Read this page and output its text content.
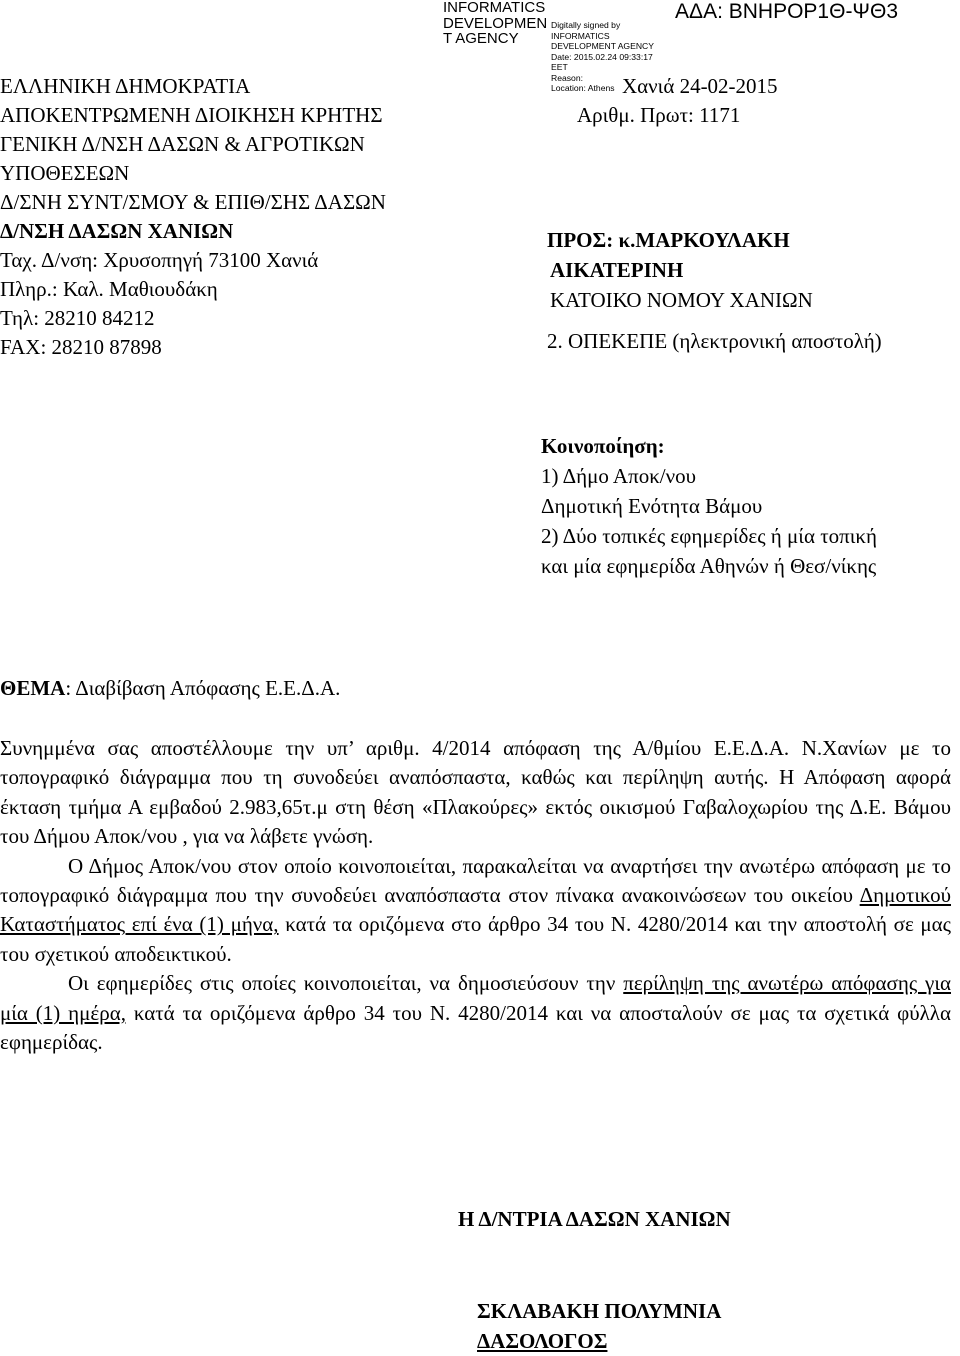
INFORMATICS
DEVELOPMEN
T AGENCY
Digitally signed by
INFORMATICS
DEVELOPMENT AGENCY
Date: 2015.02.24 09:33:17
EET
Reason:
Location: Athens
ΑΔΑ: ΒΝΗΡΟΡ1Θ-ΨΘ3
ΕΛΛΗΝΙΚΗ ΔΗΜΟΚΡΑΤΙΑ
ΑΠΟΚΕΝΤΡΩΜΕΝΗ ΔΙΟΙΚΗΣΗ ΚΡΗΤΗΣ
ΓΕΝΙΚΗ Δ/ΝΣΗ ΔΑΣΩΝ & ΑΓΡΟΤΙΚΩΝ
ΥΠΟΘΕΣΕΩΝ
Δ/ΣΝΗ ΣΥΝΤ/ΣΜΟΥ & ΕΠΙΘ/ΣΗΣ ΔΑΣΩΝ
Δ/ΝΣΗ ΔΑΣΩΝ ΧΑΝΙΩΝ
Ταχ. Δ/νση: Χρυσοπηγή 73100 Χανιά
Πληρ.: Καλ. Μαθιουδάκη
Τηλ: 28210 84212
FAX: 28210 87898
Χανιά 24-02-2015
Αριθμ. Πρωτ: 1171
ΠΡΟΣ: κ.ΜΑΡΚΟΥΛΑΚΗ
ΑΙΚΑΤΕΡΙΝΗ
ΚΑΤΟΙΚΟ ΝΟΜΟΥ ΧΑΝΙΩΝ
2. ΟΠΕΚΕΠΕ (ηλεκτρονική αποστολή)
Κοινοποίηση:
1) Δήμο Αποκ/νου
Δημοτική Ενότητα Βάμου
2) Δύο τοπικές εφημερίδες ή μία τοπική
και μία εφημερίδα Αθηνών ή Θεσ/νίκης
ΘΕΜΑ: Διαβίβαση Απόφασης Ε.Ε.Δ.Α.

Συνημμένα σας αποστέλλουμε την υπ’ αριθμ. 4/2014 απόφαση της Α/θμίου Ε.Ε.Δ.Α. Ν.Χανίων με το τοπογραφικό διάγραμμα που τη συνοδεύει αναπόσπαστα, καθώς και περίληψη αυτής. Η Απόφαση αφορά έκταση τμήμα Α εμβαδού 2.983,65τ.μ στη θέση «Πλακούρες» εκτός οικισμού Γαβαλοχωρίου της Δ.Ε. Βάμου του Δήμου Αποκ/νου , για να λάβετε γνώση.

Ο Δήμος Αποκ/νου στον οποίο κοινοποιείται, παρακαλείται να αναρτήσει την ανωτέρω απόφαση με το τοπογραφικό διάγραμμα που την συνοδεύει αναπόσπαστα στον πίνακα ανακοινώσεων του οικείου Δημοτικού Καταστήματος επί ένα (1) μήνα, κατά τα οριζόμενα στο άρθρο 34 του Ν. 4280/2014 και την αποστολή σε μας του σχετικού αποδεικτικού.

Οι εφημερίδες στις οποίες κοινοποιείται, να δημοσιεύσουν την περίληψη της ανωτέρω απόφασης για μία (1) ημέρα, κατά τα οριζόμενα άρθρο 34 του Ν. 4280/2014 και να αποσταλούν σε μας τα σχετικά φύλλα εφημερίδας.

Η Δ/ΝΤΡΙΑ ΔΑΣΩΝ ΧΑΝΙΩΝ
ΣΚΛΑΒΑΚΗ ΠΟΛΥΜΝΙΑ
ΔΑΣΟΛΟΓΟΣ
